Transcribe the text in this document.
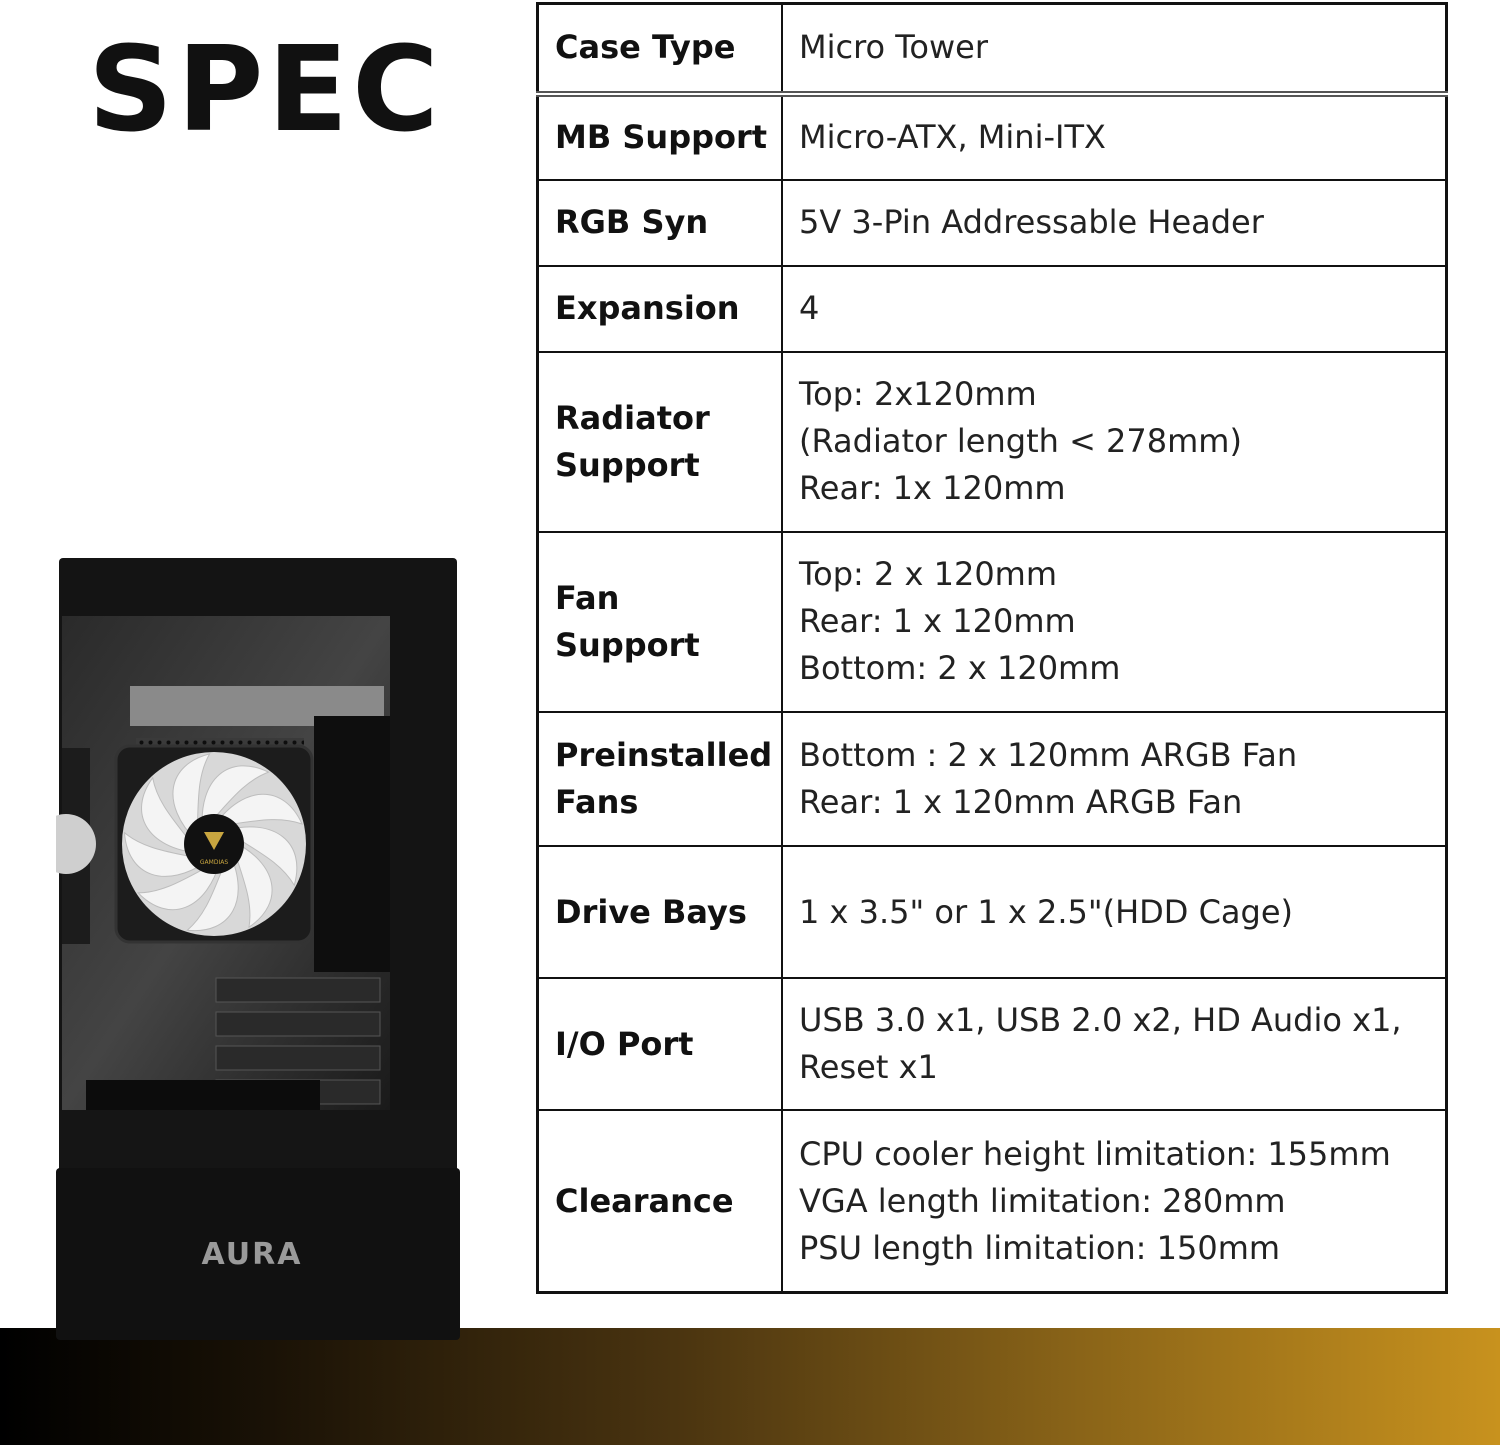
SPEC
GAMDIAS
AURA
Case Type	Micro Tower

MB Support	Micro-ATX, Mini-ITX

RGB Syn	5V 3-Pin Addressable Header

Expansion	4

Radiator
Support	Top: 2x120mm
(Radiator length < 278mm)
Rear: 1x 120mm

Fan
Support	Top: 2 x 120mm
Rear: 1 x 120mm
Bottom: 2 x 120mm

Preinstalled
Fans	Bottom : 2 x 120mm ARGB Fan
Rear: 1 x 120mm ARGB Fan

Drive Bays	1 x 3.5" or 1 x 2.5"(HDD Cage)

I/O Port	USB 3.0 x1, USB 2.0 x2, HD Audio x1,
Reset x1

Clearance	CPU cooler height limitation: 155mm
VGA length limitation: 280mm
PSU length limitation: 150mm
